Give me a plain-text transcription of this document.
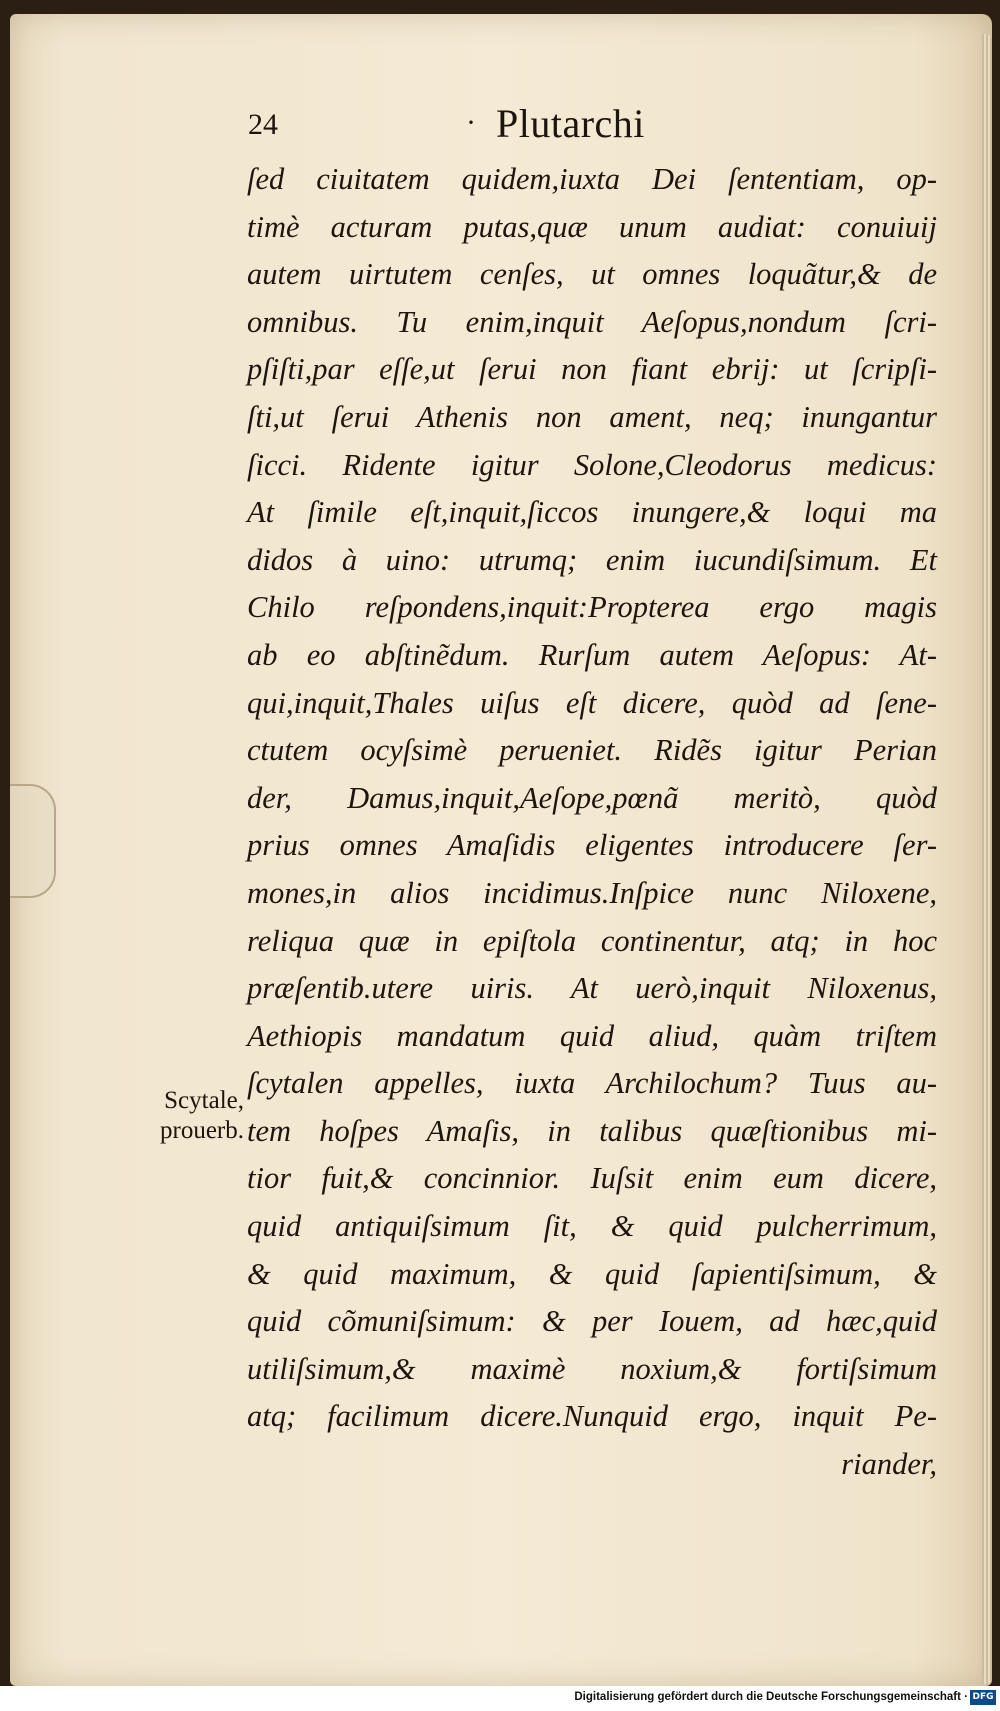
24	· Plutarchi
ſed ciuitatem quidem,iuxta Dei ſententiam, op-
timè acturam putas,quæ unum audiat: conuiuij
autem uirtutem cenſes, ut omnes loquãtur,& de
omnibus. Tu enim,inquit Aeſopus,nondum ſcri-
pſiſti,par eſſe,ut ſerui non fiant ebrij: ut ſcripſi-
ſti,ut ſerui Athenis non ament, neq; inungantur
ſicci. Ridente igitur Solone,Cleodorus medicus:
At ſimile eſt,inquit,ſiccos inungere,& loqui ma
didos à uino: utrumq; enim iucundiſsimum. Et
Chilo reſpondens,inquit:Propterea ergo magis
ab eo abſtinẽdum. Rurſum autem Aeſopus: At-
qui,inquit,Thales uiſus eſt dicere, quòd ad ſene-
ctutem ocyſsimè perueniet. Ridẽs igitur Perian
der, Damus,inquit,Aeſope,pœnã meritò, quòd
prius omnes Amaſidis eligentes introducere ſer-
mones,in alios incidimus.Inſpice nunc Niloxene,
reliqua quæ in epiſtola continentur, atq; in hoc
præſentib.utere uiris. At uerò,inquit Niloxenus,
Aethiopis mandatum quid aliud, quàm triſtem
ſcytalen appelles, iuxta Archilochum? Tuus au-
tem hoſpes Amaſis, in talibus quæſtionibus mi-
tior fuit,& concinnior. Iuſsit enim eum dicere,
quid antiquiſsimum ſit, & quid pulcherrimum,
& quid maximum, & quid ſapientiſsimum, &
quid cõmuniſsimum: & per Iouem, ad hæc,quid
utiliſsimum,& maximè noxium,& fortiſsimum
atq; facilimum dicere.Nunquid ergo, inquit Pe-
riander,
Scytale,
prouerb.
Digitalisierung gefördert durch die Deutsche Forschungsgemeinschaft · DFG
